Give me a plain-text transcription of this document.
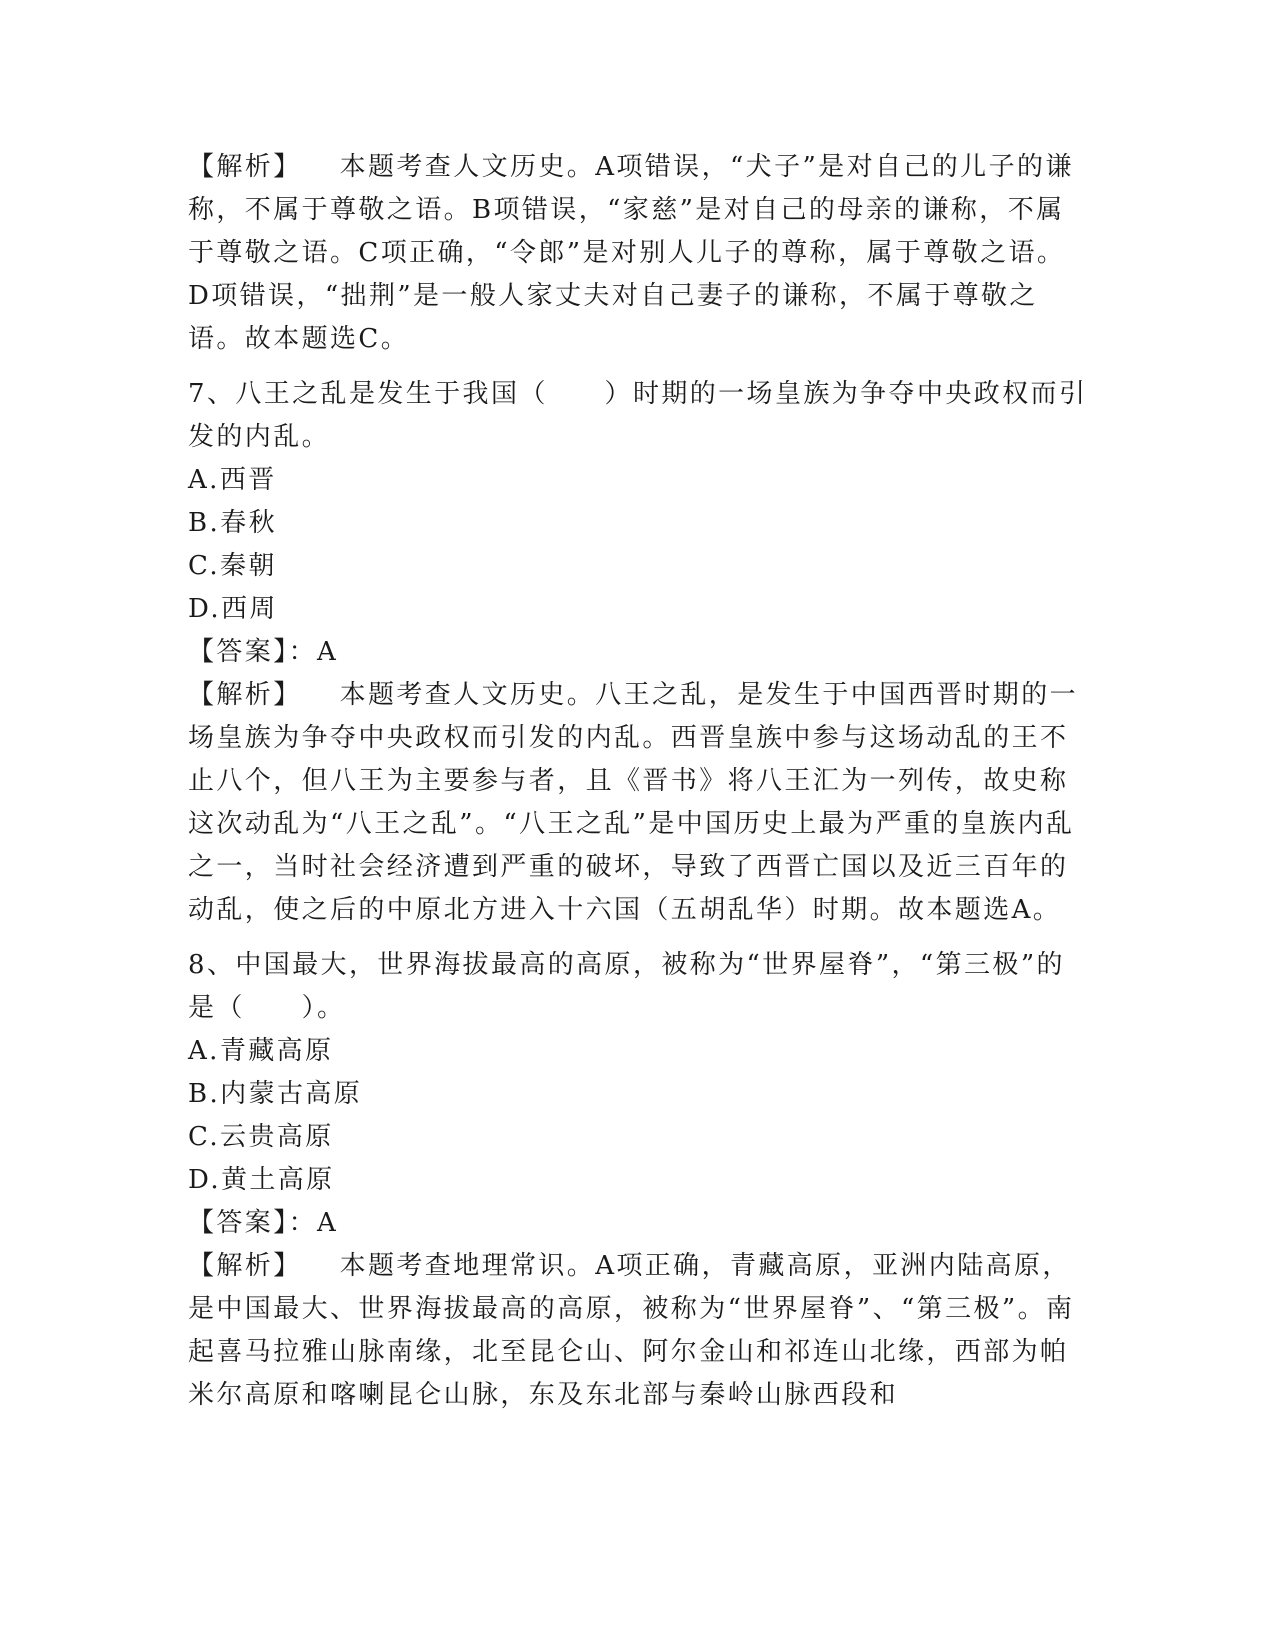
【解析】 本题考查人文历史。A项错误，“犬子”是对自己的儿子的谦称，不属于尊敬之语。B项错误，“家慈”是对自己的母亲的谦称，不属于尊敬之语。C项正确，“令郎”是对别人儿子的尊称，属于尊敬之语。D项错误，“拙荆”是一般人家丈夫对自己妻子的谦称，不属于尊敬之语。故本题选C。

7、八王之乱是发生于我国（　　）时期的一场皇族为争夺中央政权而引发的内乱。

A.西晋

B.春秋

C.秦朝

D.西周

【答案】：A

【解析】 本题考查人文历史。八王之乱，是发生于中国西晋时期的一场皇族为争夺中央政权而引发的内乱。西晋皇族中参与这场动乱的王不止八个，但八王为主要参与者，且《晋书》将八王汇为一列传，故史称这次动乱为“八王之乱”。“八王之乱”是中国历史上最为严重的皇族内乱之一，当时社会经济遭到严重的破坏，导致了西晋亡国以及近三百年的动乱，使之后的中原北方进入十六国（五胡乱华）时期。故本题选A。

8、中国最大，世界海拔最高的高原，被称为“世界屋脊”，“第三极”的是（　　）。

A.青藏高原

B.内蒙古高原

C.云贵高原

D.黄土高原

【答案】：A

【解析】 本题考查地理常识。A项正确，青藏高原，亚洲内陆高原，是中国最大、世界海拔最高的高原，被称为“世界屋脊”、“第三极”。南起喜马拉雅山脉南缘，北至昆仑山、阿尔金山和祁连山北缘，西部为帕米尔高原和喀喇昆仑山脉，东及东北部与秦岭山脉西段和
